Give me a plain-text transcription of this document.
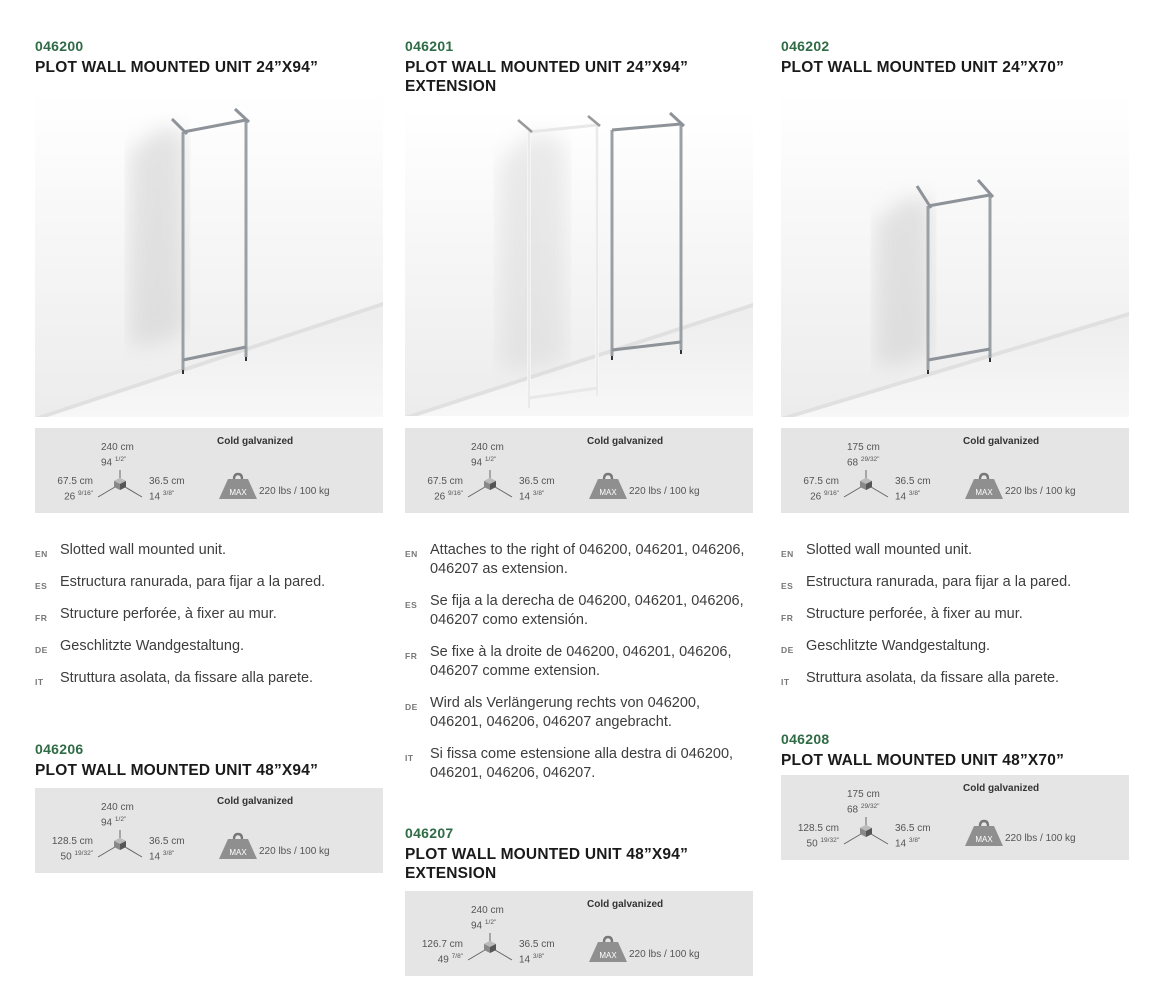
046200
PLOT WALL MOUNTED UNIT 24”X94”
240 cm
94 $^{1/2"}$
67.5 cm
26 $^{9/16"}$
36.5 cm
14 $^{3/8"}$
Cold galvanized
MAX 220 lbs / 100 kg
EN Slotted wall mounted unit.
ES Estructura ranurada, para fijar a la pared.
FR Structure perforée, à fixer au mur.
DE Geschlitzte Wandgestaltung.
IT Struttura asolata, da fissare alla parete.
046206
PLOT WALL MOUNTED UNIT 48”X94”
240 cm
94 $^{1/2"}$
128.5 cm
50 $^{19/32"}$
36.5 cm
14 $^{3/8"}$
Cold galvanized
MAX 220 lbs / 100 kg
046201
PLOT WALL MOUNTED UNIT 24”X94”
EXTENSION
240 cm
94 $^{1/2"}$
67.5 cm
26 $^{9/16"}$
36.5 cm
14 $^{3/8"}$
Cold galvanized
MAX 220 lbs / 100 kg
EN Attaches to the right of 046200, 046201, 046206, 046207 as extension.
ES Se fija a la derecha de 046200, 046201, 046206, 046207 como extensión.
FR Se fixe à la droite de 046200, 046201, 046206, 046207 comme extension.
DE Wird als Verlängerung rechts von 046200, 046201, 046206, 046207 angebracht.
IT Si fissa come estensione alla destra di 046200, 046201, 046206, 046207.
046207
PLOT WALL MOUNTED UNIT 48”X94”
EXTENSION
240 cm
94 $^{1/2"}$
126.7 cm
49 $^{7/8"}$
36.5 cm
14 $^{3/8"}$
Cold galvanized
MAX 220 lbs / 100 kg
046202
PLOT WALL MOUNTED UNIT 24”X70”
175 cm
68 $^{29/32"}$
67.5 cm
26 $^{9/16"}$
36.5 cm
14 $^{3/8"}$
Cold galvanized
MAX 220 lbs / 100 kg
EN Slotted wall mounted unit.
ES Estructura ranurada, para fijar a la pared.
FR Structure perforée, à fixer au mur.
DE Geschlitzte Wandgestaltung.
IT Struttura asolata, da fissare alla parete.
046208
PLOT WALL MOUNTED UNIT 48”X70”
175 cm
68 $^{29/32"}$
128.5 cm
50 $^{19/32"}$
36.5 cm
14 $^{3/8"}$
Cold galvanized
MAX 220 lbs / 100 kg
